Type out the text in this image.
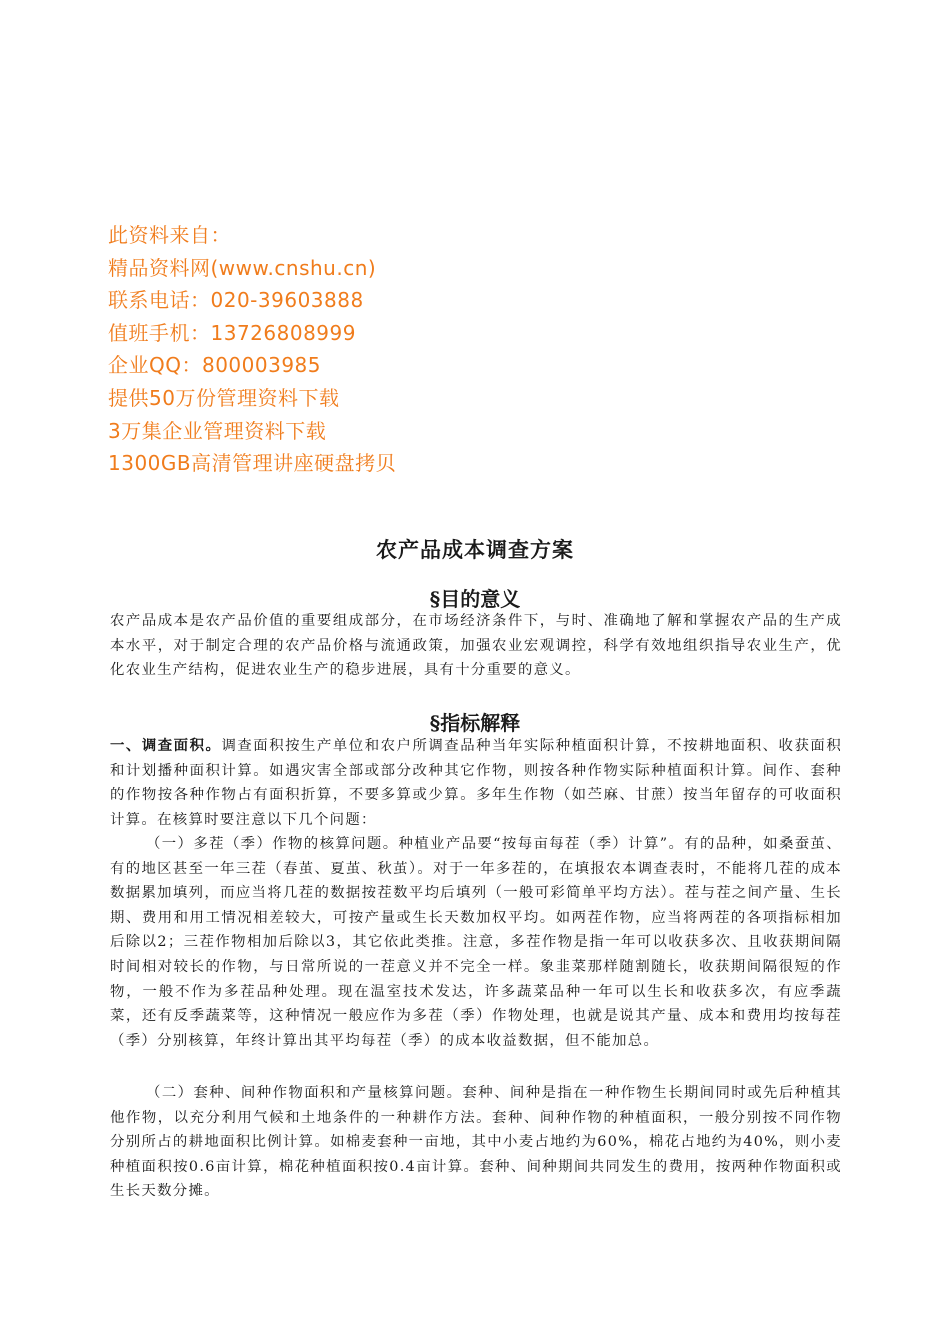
此资料来自：
精品资料网(www.cnshu.cn)
联系电话：020-39603888
值班手机：13726808999
企业QQ：800003985
提供50万份管理资料下载
3万集企业管理资料下载
1300GB高清管理讲座硬盘拷贝
农产品成本调查方案
§目的意义
农产品成本是农产品价值的重要组成部分，在市场经济条件下，与时、准确地了解和掌握农产品的生产成本水平，对于制定合理的农产品价格与流通政策，加强农业宏观调控，科学有效地组织指导农业生产，优化农业生产结构，促进农业生产的稳步进展，具有十分重要的意义。
§指标解释
一、调查面积。调查面积按生产单位和农户所调查品种当年实际种植面积计算，不按耕地面积、收获面积和计划播种面积计算。如遇灾害全部或部分改种其它作物，则按各种作物实际种植面积计算。间作、套种的作物按各种作物占有面积折算，不要多算或少算。多年生作物（如苎麻、甘蔗）按当年留存的可收面积计算。在核算时要注意以下几个问题：
（一）多茬（季）作物的核算问题。种植业产品要“按每亩每茬（季）计算”。有的品种，如桑蚕茧、有的地区甚至一年三茬（春茧、夏茧、秋茧）。对于一年多茬的，在填报农本调查表时，不能将几茬的成本数据累加填列，而应当将几茬的数据按茬数平均后填列（一般可彩简单平均方法）。茬与茬之间产量、生长期、费用和用工情况相差较大，可按产量或生长天数加权平均。如两茬作物，应当将两茬的各项指标相加后除以2；三茬作物相加后除以3，其它依此类推。注意，多茬作物是指一年可以收获多次、且收获期间隔时间相对较长的作物，与日常所说的一茬意义并不完全一样。象韭菜那样随割随长，收获期间隔很短的作物，一般不作为多茬品种处理。现在温室技术发达，许多蔬菜品种一年可以生长和收获多次，有应季蔬菜，还有反季蔬菜等，这种情况一般应作为多茬（季）作物处理，也就是说其产量、成本和费用均按每茬（季）分别核算，年终计算出其平均每茬（季）的成本收益数据，但不能加总。
（二）套种、间种作物面积和产量核算问题。套种、间种是指在一种作物生长期间同时或先后种植其他作物，以充分利用气候和土地条件的一种耕作方法。套种、间种作物的种植面积，一般分别按不同作物分别所占的耕地面积比例计算。如棉麦套种一亩地，其中小麦占地约为60%，棉花占地约为40%，则小麦种植面积按0.6亩计算，棉花种植面积按0.4亩计算。套种、间种期间共同发生的费用，按两种作物面积或生长天数分摊。
